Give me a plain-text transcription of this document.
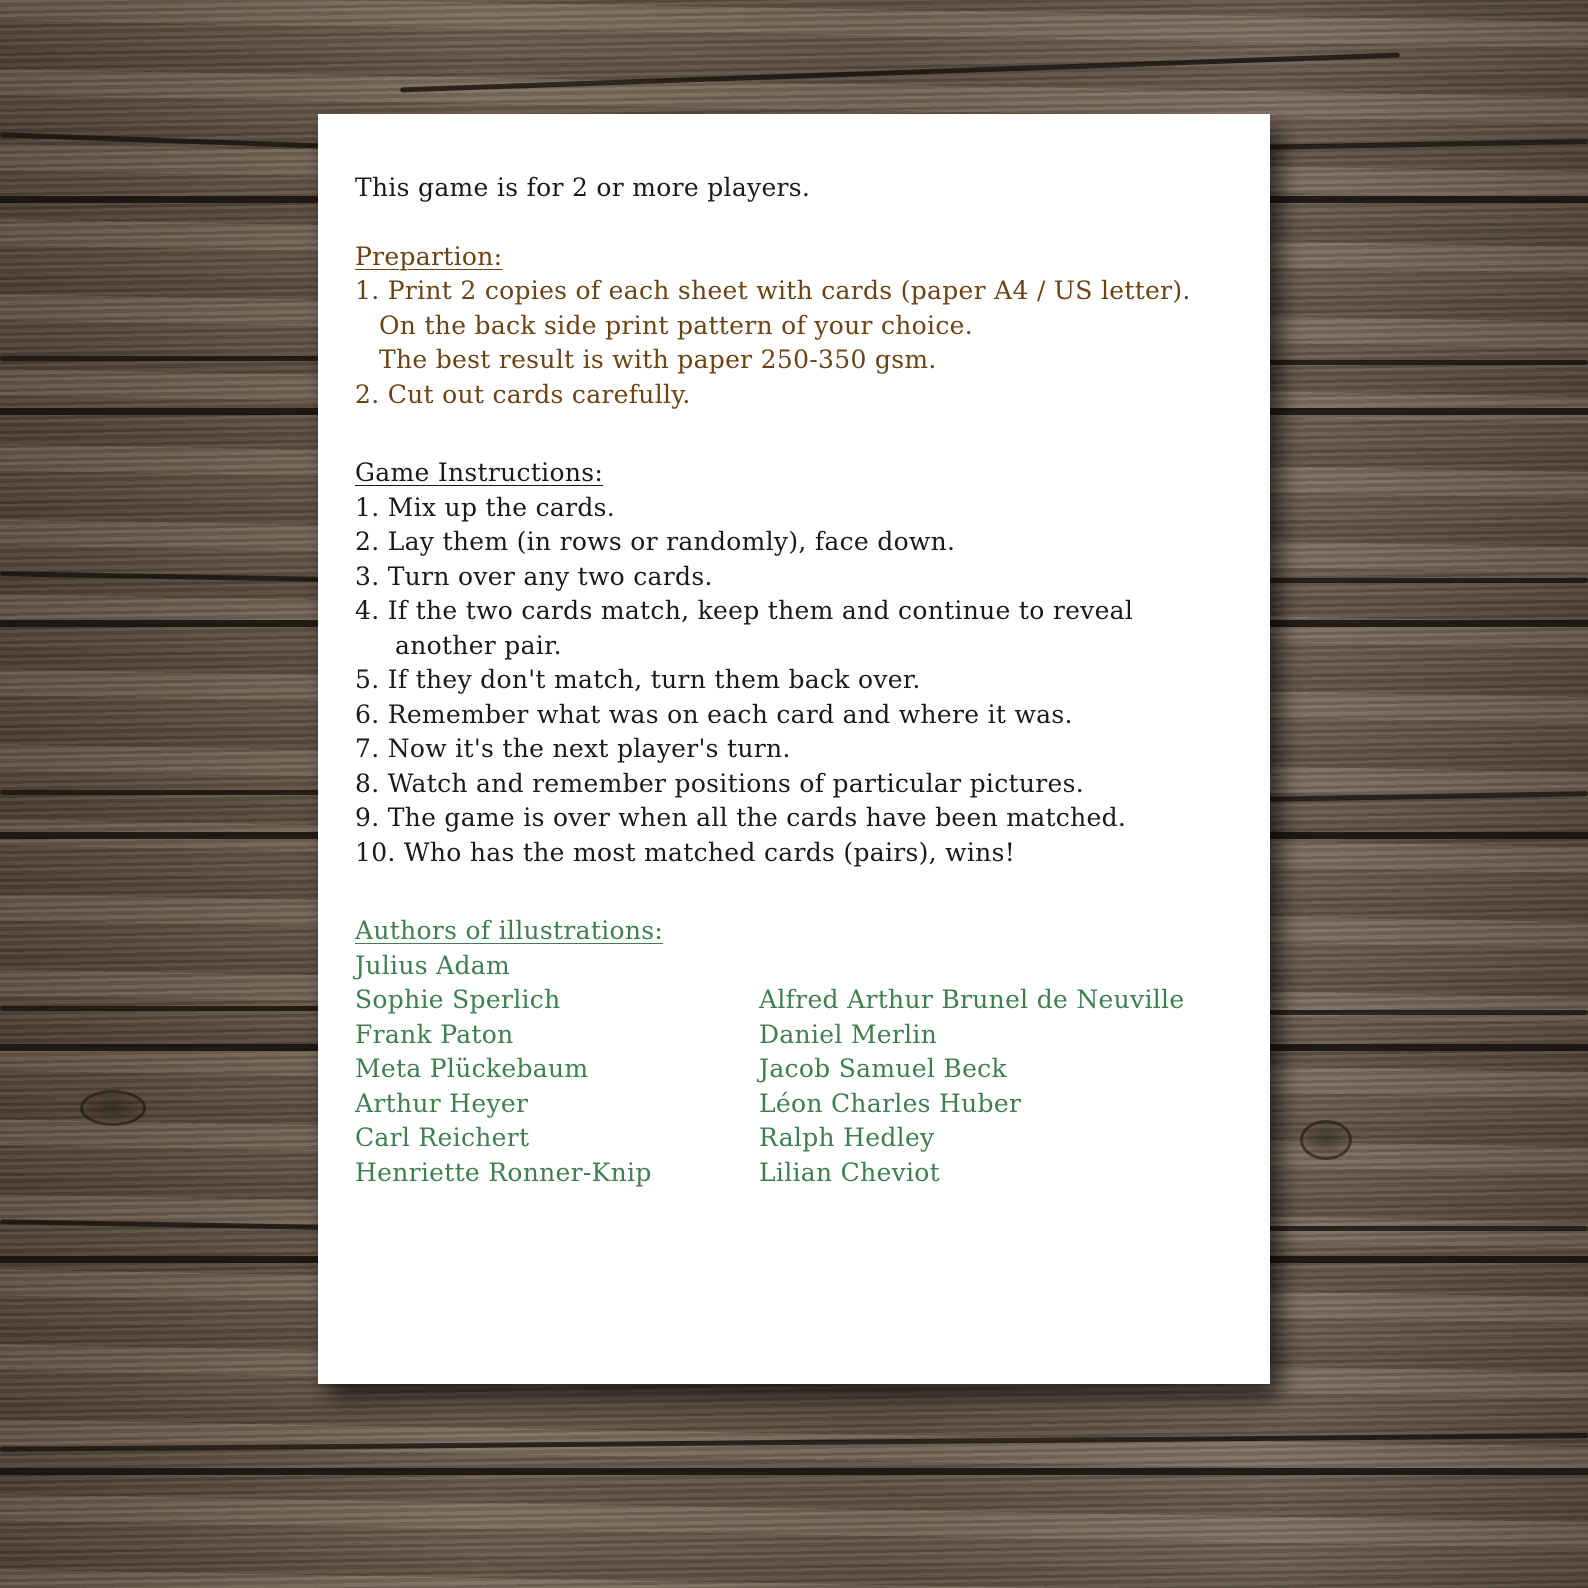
This game is for 2 or more players.
Prepartion:
1. Print 2 copies of each sheet with cards (paper A4 / US letter).
On the back side print pattern of your choice.
The best result is with paper 250-350 gsm.
2. Cut out cards carefully.
Game Instructions:
1. Mix up the cards.
2. Lay them (in rows or randomly), face down.
3. Turn over any two cards.
4. If the two cards match, keep them and continue to reveal
another pair.
5. If they don't match, turn them back over.
6. Remember what was on each card and where it was.
7. Now it's the next player's turn.
8. Watch and remember positions of particular pictures.
9. The game is over when all the cards have been matched.
10. Who has the most matched cards (pairs), wins!
Authors of illustrations:
Julius Adam
Sophie Sperlich
Frank Paton
Meta Plückebaum
Arthur Heyer
Carl Reichert
Henriette Ronner-Knip
Alfred Arthur Brunel de Neuville
Daniel Merlin
Jacob Samuel Beck
Léon Charles Huber
Ralph Hedley
Lilian Cheviot
